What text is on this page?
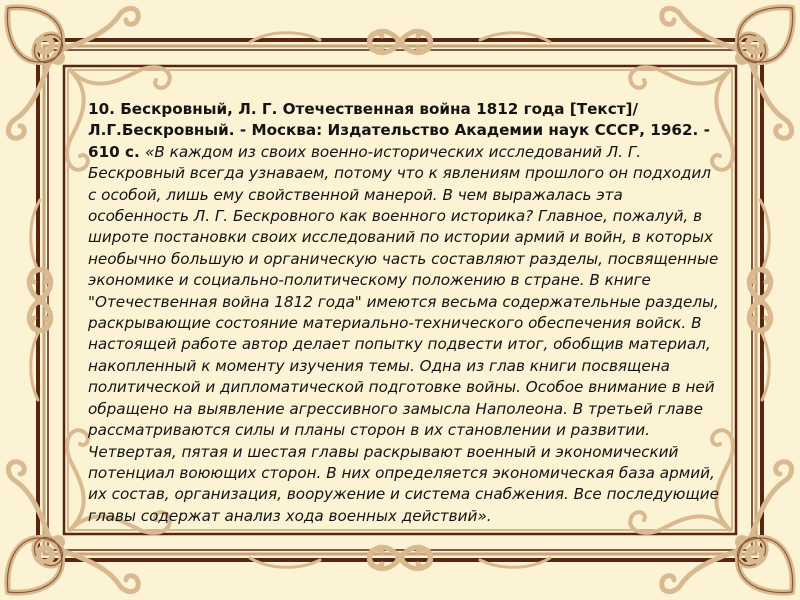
10. Бескровный, Л. Г. Отечественная война 1812 года [Текст]/ Л.Г.Бескровный. - Москва: Издательство Академии наук СССР, 1962. - 610 с. «В каждом из своих военно-исторических исследований Л. Г. Бескровный всегда узнаваем, потому что к явлениям прошлого он подходил с особой, лишь ему свойственной манерой. В чем выражалась эта особенность Л. Г. Бескровного как военного историка? Главное, пожалуй, в широте постановки своих исследований по истории армий и войн, в которых необычно большую и органическую часть составляют разделы, посвященные экономике и социально-политическому положению в стране. В книге "Отечественная война 1812 года" имеются весьма содержательные разделы, раскрывающие состояние материально-технического обеспечения войск. В настоящей работе автор делает попытку подвести итог, обобщив материал, накопленный к моменту изучения темы. Одна из глав книги посвящена политической и дипломатической подготовке войны. Особое внимание в ней обращено на выявление агрессивного замысла Наполеона. В третьей главе рассматриваются силы и планы сторон в их становлении и развитии. Четвертая, пятая и шестая главы раскрывают военный и экономический потенциал воюющих сторон. В них определяется экономическая база армий, их состав, организация, вооружение и система снабжения. Все последующие главы содержат анализ хода военных действий».
